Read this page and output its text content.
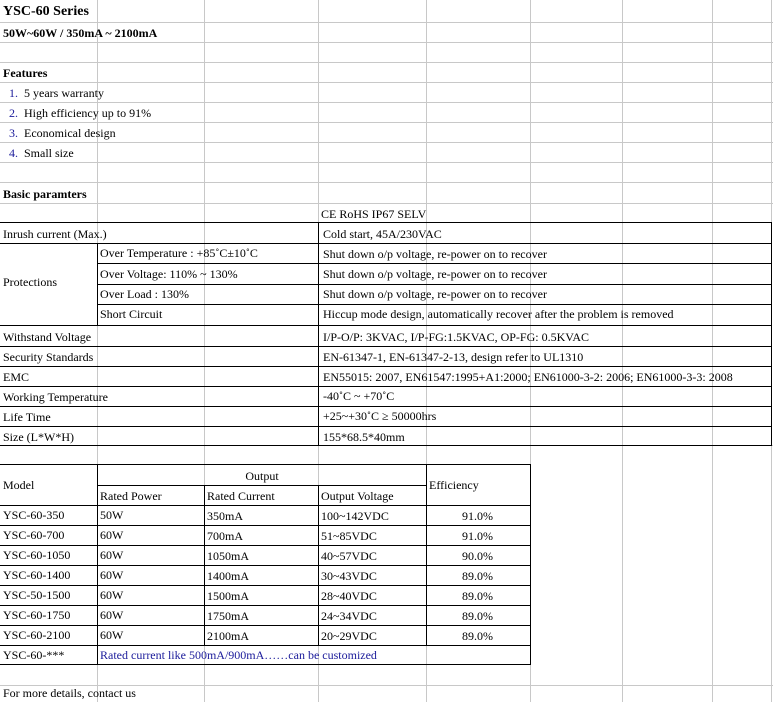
YSC-60 Series
50W~60W / 350mA ~ 2100mA
Features
1. 5 years warranty
2. High efficiency up to 91%
3. Economical design
4. Small size
Basic paramters
CE RoHS IP67 SELV
Inrush current (Max.)	Cold start, 45A/230VAC
Protections
Over Temperature : +85˚C±10˚C	Shut down o/p voltage, re-power on to recover
Over Voltage: 110% ~ 130%	Shut down o/p voltage, re-power on to recover
Over Load : 130%	Shut down o/p voltage, re-power on to recover
Short Circuit	Hiccup mode design, automatically recover after the problem is removed
Withstand Voltage	I/P-O/P: 3KVAC, I/P-FG:1.5KVAC, OP-FG: 0.5KVAC
Security Standards	EN-61347-1, EN-61347-2-13, design refer to UL1310
EMC	EN55015: 2007, EN61547:1995+A1:2000; EN61000-3-2: 2006; EN61000-3-3: 2008
Working Temperature	-40˚C ~ +70˚C
Life Time	+25~+30˚C ≥ 50000hrs
Size (L*W*H)	155*68.5*40mm
Model
Output
Efficiency
Rated Power	Rated Current	Output Voltage
YSC-60-350	50W	350mA	100~142VDC	91.0%
YSC-60-700	60W	700mA	51~85VDC	91.0%
YSC-60-1050 60W	1050mA	40~57VDC	90.0%
YSC-60-1400 60W	1400mA	30~43VDC	89.0%
YSC-50-1500 60W	1500mA	28~40VDC	89.0%
YSC-60-1750 60W	1750mA	24~34VDC	89.0%
YSC-60-2100 60W	2100mA	20~29VDC	89.0%
YSC-60-***	Rated current like 500mA/900mA……can be customized
For more details, contact us
